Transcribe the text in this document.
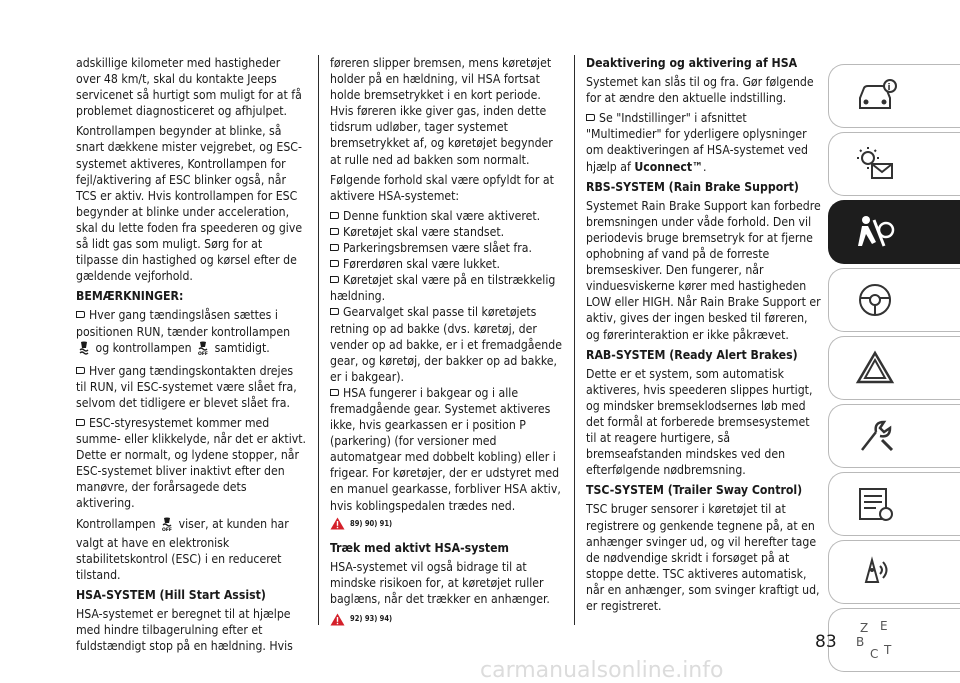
adskillige kilometer med hastigheder over 48 km/t, skal du kontakte Jeeps servicenet så hurtigt som muligt for at få problemet diagnosticeret og afhjulpet.

Kontrollampen begynder at blinke, så snart dækkene mister vejgrebet, og ESC-systemet aktiveres, Kontrollampen for fejl/aktivering af ESC blinker også, når TCS er aktiv. Hvis kontrollampen for ESC begynder at blinke under acceleration, skal du lette foden fra speederen og give så lidt gas som muligt. Sørg for at tilpasse din hastighed og kørsel efter de gældende vejforhold.

BEMÆRKNINGER:

Hver gang tændingslåsen sættes i positionen RUN, tænder kontrollampen  og kontrollampen OFF samtidigt.

Hver gang tændingskontakten drejes til RUN, vil ESC-systemet være slået fra, selvom det tidligere er blevet slået fra.

ESC-styresystemet kommer med summe- eller klikkelyde, når det er aktivt. Dette er normalt, og lydene stopper, når ESC-systemet bliver inaktivt efter den manøvre, der forårsagede dets aktivering.

Kontrollampen OFF viser, at kunden har valgt at have en elektronisk stabilitetskontrol (ESC) i en reduceret tilstand.

HSA-SYSTEM (Hill Start Assist)

HSA-systemet er beregnet til at hjælpe med hindre tilbagerulning efter et fuldstændigt stop på en hældning. Hvis

føreren slipper bremsen, mens køretøjet holder på en hældning, vil HSA fortsat holde bremsetrykket i en kort periode. Hvis føreren ikke giver gas, inden dette tidsrum udløber, tager systemet bremsetrykket af, og køretøjet begynder at rulle ned ad bakken som normalt.

Følgende forhold skal være opfyldt for at aktivere HSA-systemet:

Denne funktion skal være aktiveret.
Køretøjet skal være standset.
Parkeringsbremsen være slået fra.
Førerdøren skal være lukket.
Køretøjet skal være på en tilstrækkelig hældning.
Gearvalget skal passe til køretøjets retning op ad bakke (dvs. køretøj, der vender op ad bakke, er i et fremadgående gear, og køretøj, der bakker op ad bakke, er i bakgear).
HSA fungerer i bakgear og i alle fremadgående gear. Systemet aktiveres ikke, hvis gearkassen er i position P (parkering) (for versioner med automatgear med dobbelt kobling) eller i frigear. For køretøjer, der er udstyret med en manuel gearkasse, forbliver HSA aktiv, hvis koblingspedalen trædes ned.
89) 90) 91)
Træk med aktivt HSA-system

HSA-systemet vil også bidrage til at mindske risikoen for, at køretøjet ruller baglæns, når det trækker en anhænger.

92) 93) 94)
Deaktivering og aktivering af HSA

Systemet kan slås til og fra. Gør følgende for at ændre den aktuelle indstilling.

Se "Indstillinger" i afsnittet "Multimedier" for yderligere oplysninger om deaktiveringen af HSA-systemet ved hjælp af Uconnect™.

RBS-SYSTEM (Rain Brake Support)

Systemet Rain Brake Support kan forbedre bremsningen under våde forhold. Den vil periodevis bruge bremsetryk for at fjerne ophobning af vand på de forreste bremseskiver. Den fungerer, når vinduesviskerne kører med hastigheden LOW eller HIGH. Når Rain Brake Support er aktiv, gives der ingen besked til føreren, og førerinteraktion er ikke påkrævet.

RAB-SYSTEM (Ready Alert Brakes)

Dette er et system, som automatisk aktiveres, hvis speederen slippes hurtigt, og mindsker bremseklodsernes løb med det formål at forberede bremsesystemet til at reagere hurtigere, så bremseafstanden mindskes ved den efterfølgende nødbremsning.

TSC-SYSTEM (Trailer Sway Control)

TSC bruger sensorer i køretøjet til at registrere og genkende tegnene på, at en anhænger svinger ud, og vil herefter tage de nødvendige skridt i forsøget på at stoppe dette. TSC aktiveres automatisk, når en anhænger, som svinger kraftigt ud, er registreret.

i
Z E
B
C T
83
carmanualsonline.info
